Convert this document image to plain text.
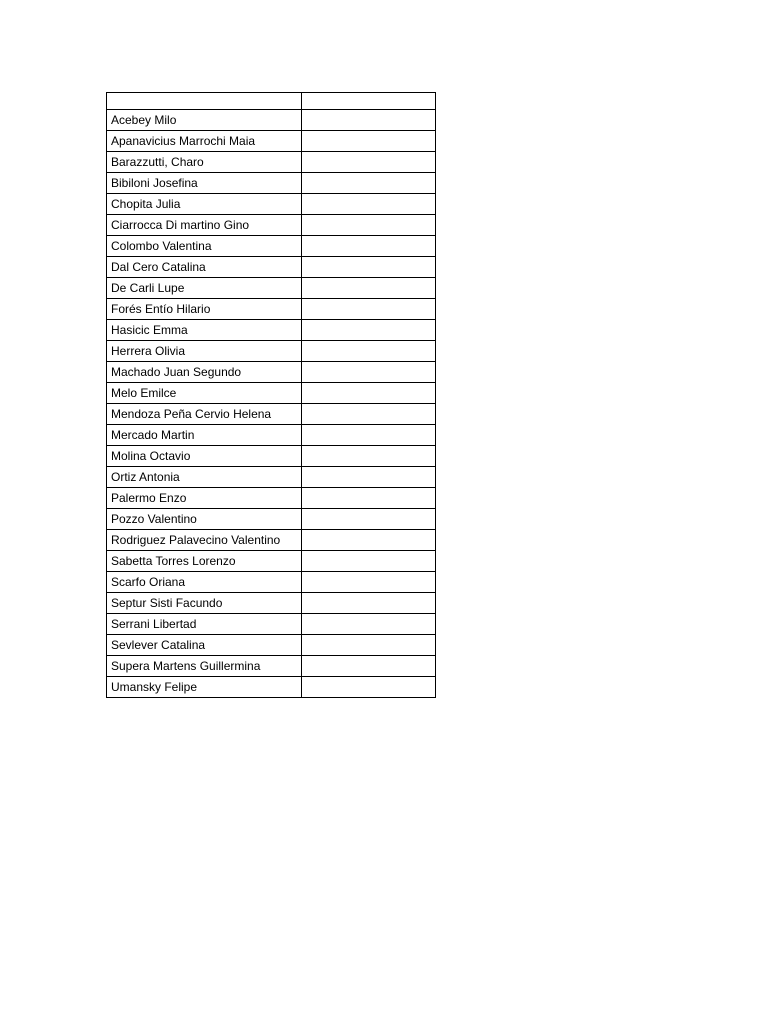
Acebey Milo	
Apanavicius Marrochi Maia	
Barazzutti, Charo	
Bibiloni Josefina	
Chopita Julia	
Ciarrocca Di martino Gino	
Colombo Valentina	
Dal Cero Catalina	
De Carli Lupe	
Forés Entío Hilario	
Hasicic Emma	
Herrera Olivia	
Machado Juan Segundo	
Melo Emilce	
Mendoza Peña Cervio Helena	
Mercado Martin	
Molina Octavio	
Ortiz Antonia	
Palermo Enzo	
Pozzo Valentino	
Rodriguez Palavecino Valentino	
Sabetta Torres Lorenzo	
Scarfo Oriana	
Septur Sisti Facundo	
Serrani Libertad	
Sevlever Catalina	
Supera Martens Guillermina	
Umansky Felipe	
